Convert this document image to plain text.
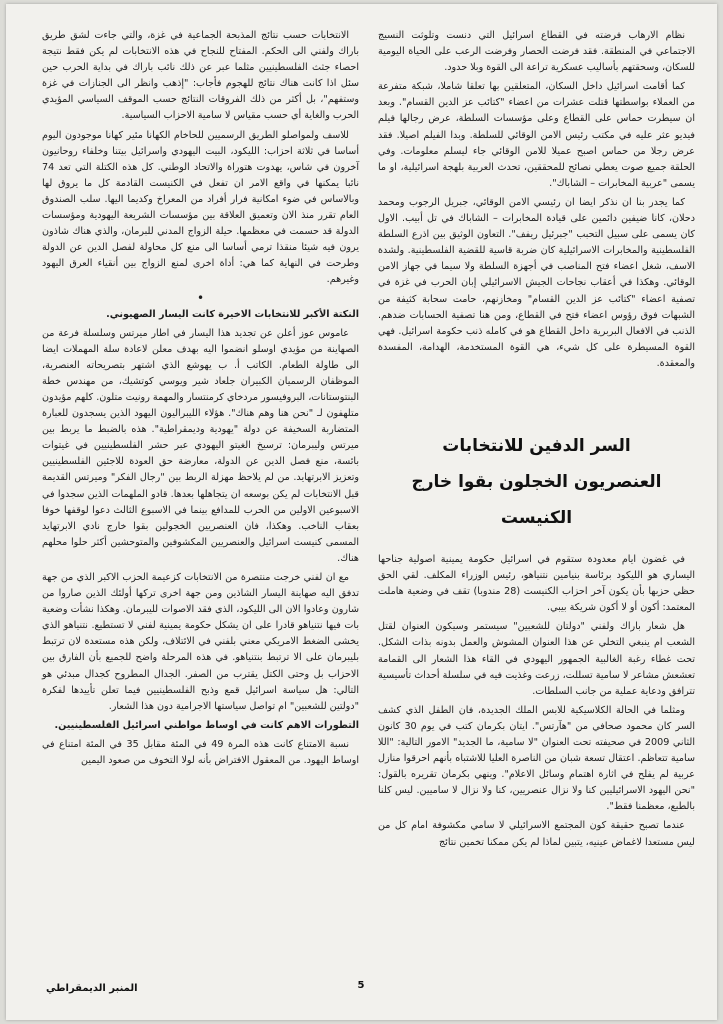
نظام الارهاب فرضته في القطاع اسرائيل التي دنست وتلوثت النسيج الاجتماعي في المنطقة. فقد فرضت الحصار وفرضت الرعب على الحياة اليومية للسكان، وسحقتهم بأساليب عسكرية تراعة الى القوة وبلا حدود.

كما أقامت اسرائيل داخل السكان، المتعلقين بها تعلقا شاملا، شبكة متفرعة من العملاء بواسطتها قتلت عشرات من اعضاء "كتائب عز الدين القسام". وبعد ان سيطرت حماس على القطاع وعلى مؤسسات السلطة، عرض رجالها فيلم فيديو عثر عليه في مكتب رئيس الامن الوقائي للسلطة. وبدا الفيلم اصيلا. فقد عرض رجلا من حماس اصبح عميلا للامن الوقائي جاء ليسلم معلومات. وفي الحلقة جميع صوت يعطي نصائح للمحققين، تحدث العربية بلهجة اسرائيلية، او ما يسمى "عربية المخابرات – الشاباك".

كما يجدر بنا ان نذكر ايضا ان رئيسي الامن الوقائي، جبريل الرجوب ومحمد دحلان، كانا ضيفين دائمين على قيادة المخابرات – الشاباك في تل أبيب. الاول كان يسمى على سبيل التحبب "جبرئيل ريفف". التعاون الوثيق بين اذرع السلطة الفلسطينية والمخابرات الاسرائيلية كان ضربة قاسية للقضية الفلسطينية. ولشدة الاسف، شغل اعضاء فتح المناصب في أجهزة السلطة ولا سيما في جهاز الامن الوقائي. وهكذا في أعقاب نجاحات الجيش الاسرائيلي إبان الحرب في غزة في تصفية اعضاء "كتائب عز الدين القسام" ومخازنهم، حامت سحابة كثيفة من الشبهات فوق رؤوس اعضاء فتح في القطاع، ومن هنا تصفية الحسابات ضدهم. الذنب في الافعال البربرية داخل القطاع هو في كامله ذنب حكومة اسرائيل. فهي القوة المسيطرة على كل شيء، هي القوة المستخدمة، الهدامة، المفسدة والمعقدة.

السر الدفين للانتخابات
العنصريون الخجلون بقوا خارج
الكنيست

في غضون ايام معدودة ستقوم في اسرائيل حكومة يمينية اصولية جناحها اليساري هو الليكود برئاسة بنيامين نتنياهو، رئيس الوزراء المكلف. لقي الحق حظي حزبها بأن يكون آخر احزاب الكنيست (28 مندوبا) تقف في وضعية هاملت المعتمد: أكون أو لا أكون شريكة بيبي.

هل شعار باراك ولفني "دولتان للشعبين" سيستمر وسيكون العنوان لقتل الشعب ام ينبغي التخلي عن هذا العنوان المشوش والعمل بدونه بذات الشكل. تحت غطاء رغبة الغالبية الجمهور اليهودي في القاء هذا الشعار الى القمامة تعشعش مشاعر لا سامية تسللت، زرعت وغذيت فيه في سلسلة أحداث تأسيسية تترافق ودعاية عملية من جانب السلطات.

ومثلما في الحالة الكلاسيكية للابس الملك الجديدة، فان الطفل الذي كشف السر كان محمود صحافي من "هآرتس". ايتان بكرمان كتب في يوم 30 كانون الثاني 2009 في صحيفته تحت العنوان "لا سامية، ما الجديد" الامور التالية: "اللا سامية تتعاظم. اعتقال تسعة شبان من الناصرة العليا للاشتباه بأنهم احرقوا منازل عربية لم يفلح في اثارة اهتمام وسائل الاعلام". وينهي بكرمان تقريره بالقول: "نحن اليهود الاسرائيليين كنا ولا نزال عنصريين، كنا ولا نزال لا ساميين. ليس كلنا بالطبع، معظمنا فقط".

عندما تصبح حقيقة كون المجتمع الاسرائيلي لا سامي مكشوفة امام كل من ليس مستعدا لاغماض عينيه، يتبين لماذا لم يكن ممكنا تخمين نتائج

الانتخابات حسب نتائج المذبحة الجماعية في غزة، والتي جاءت لشق طريق باراك ولفني الى الحكم. المفتاح للنجاح في هذه الانتخابات لم يكن فقط نتيجة احصاء جثث الفلسطينيين مثلما عبر عن ذلك نائب باراك في بداية الحرب حين سئل اذا كانت هناك نتائج للهجوم فأجاب: "إذهب وانظر الى الجنازات في غزة وستفهم"، بل أكثر من ذلك الفروقات النتائج حسب الموقف السياسي المؤيدي الحرب والغاية أي حسب مقياس لا سامية الاحزاب السياسية.

للاسف ولمواصلو الطريق الرسميين للحاخام الكهانا مئير كهانا موجودون اليوم أساسا في ثلاثة احزاب: الليكود، البيت اليهودي واسرائيل بيتنا وخلفاء روحانيون آخرون في شاس، يهدوت هتوراة والاتحاد الوطني. كل هذه الكتلة التي تعد 74 نائبا يمكنها في واقع الامر ان تفعل في الكنيست القادمة كل ما يروق لها وبالاساس في ضوء امكانية فرار أفراد من المعراخ وكديما اليها. سلب الصندوق العام تقرر منذ الان وتعميق العلاقة بين مؤسسات الشريعة اليهودية ومؤسسات الدولة قد حسمت في معظمها. حيلة الزواج المدني للبرمان، والذي هناك شاذون يرون فيه شيئا منقذا ترمي أساسا الى منع كل محاولة لفصل الدين عن الدولة وطرحت في النهاية كما هي: أداة اخرى لمنع الزواج بين أنقياء العرق اليهود وغيرهم.

•

النكتة الأكبر للانتخابات الاخيرة كانت اليسار الصهيوني.

عاموس عوز أعلن عن تجديد هذا اليسار في اطار ميرتس وسلسلة فرعة من الصهاينة من مؤيدي اوسلو انضموا اليه بهدف معلن لاعادة سلة المهملات ايضا الى طاولة الطعام. الكاتب أ. ب يهوشع الذي اشتهر بتصريحاته العنصرية، الموظفان الرسميان الكبيران جلعاد شير ويوسي كوتشيك، من مهندس خطة البنتوستانات، البروفيسور مردخاي كرمنتسار والمهمة رونيت متلون. كلهم مؤيدون متلهفون لـ "نحن هنا وهم هناك". هؤلاء الليبراليون اليهود الذين يسجدون للعبارة المتضاربة السخيفة عن دولة "يهودية وديمقراطية". هذه بالضبط ما يربط بين ميرتس وليبرمان: ترسيخ الغيتو اليهودي عبر حشر الفلسطينيين في غيتوات بائسة، منع فصل الدين عن الدولة، معارضة حق العودة للاجئين الفلسطينيين وتعزيز الابرتهايد. من لم يلاحظ مهزلة الربط بين "رجال الفكر" وميرتس القديمة قبل الانتخابات لم يكن بوسعه ان يتجاهلها بعدها. قادو الملهمات الذين سجدوا في الاسبوعين الاولين من الحرب للمدافع بينما في الاسبوع الثالث دعوا لوقفها خوفا بعقاب الناخب. وهكذا، فان العنصريين الخجولين بقوا خارج نادي الابرتهايد المسمى كنيست اسرائيل والعنصريين المكشوفين والمتوحشين أكثر حلوا محلهم هناك.

مع ان لفني خرجت منتصرة من الانتخابات كزعيمة الحزب الاكبر الذي من جهة تدفق اليه صهاينة اليسار الشاذين ومن جهة اخرى تركها أولئك الذين صاروا من شارون وعادوا الان الى الليكود، الذي فقد الاصوات لليبرمان. وهكذا نشأت وضعية بات فيها نتنياهو قادرا على ان يشكل حكومة يمينية لفني لا تستطيع. نتنياهو الذي يخشى الضغط الامريكي معني بلفني في الائتلاف، ولكن هذه مستعدة لان ترتبط بليبرمان على الا ترتبط بنتنياهو. في هذه المرحلة واضح للجميع بأن الفارق بين الاحزاب بل وحتى الكتل يقترب من الصفر. الجدال المطروح كجدال مبدئي هو التالي: هل سياسة اسرائيل قمع وذبح الفلسطينيين فيما تعلن تأييدها لفكرة "دولتين للشعبين" ام تواصل سياستها الاجرامية دون هذا الشعار.

التطورات الاهم كانت في اوساط مواطني اسرائيل الفلسطينيين.

نسبة الامتناع كانت هذه المرة 49 في المئة مقابل 35 في المئة امتناع في اوساط اليهود. من المعقول الافتراض بأنه لولا التخوف من صعود اليمين

5
المنبر الديمقراطي
